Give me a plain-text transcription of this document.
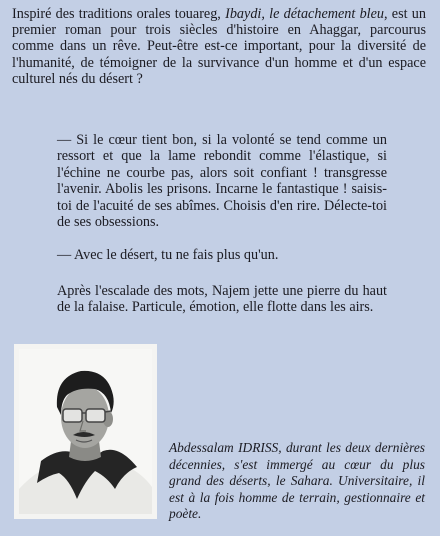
Inspiré des traditions orales touareg, Ibaydi, le détachement bleu, est un premier roman pour trois siècles d'histoire en Ahaggar, parcourus comme dans un rêve. Peut-être est-ce important, pour la diversité de l'humanité, de témoigner de la survivance d'un homme et d'un espace culturel nés du désert ?

— Si le cœur tient bon, si la volonté se tend comme un ressort et que la lame rebondit comme l'élastique, si l'échine ne courbe pas, alors soit confiant ! transgresse l'avenir. Abolis les prisons. Incarne le fantastique ! saisis-toi de l'acuité de ses abîmes. Choisis d'en rire. Délecte-toi de ses obsessions.

— Avec le désert, tu ne fais plus qu'un.

Après l'escalade des mots, Najem jette une pierre du haut de la falaise. Particule, émotion, elle flotte dans les airs.

Abdessalam IDRISS, durant les deux dernières décennies, s'est immergé au cœur du plus grand des déserts, le Sahara. Universitaire, il est à la fois homme de terrain, gestionnaire et poète.
